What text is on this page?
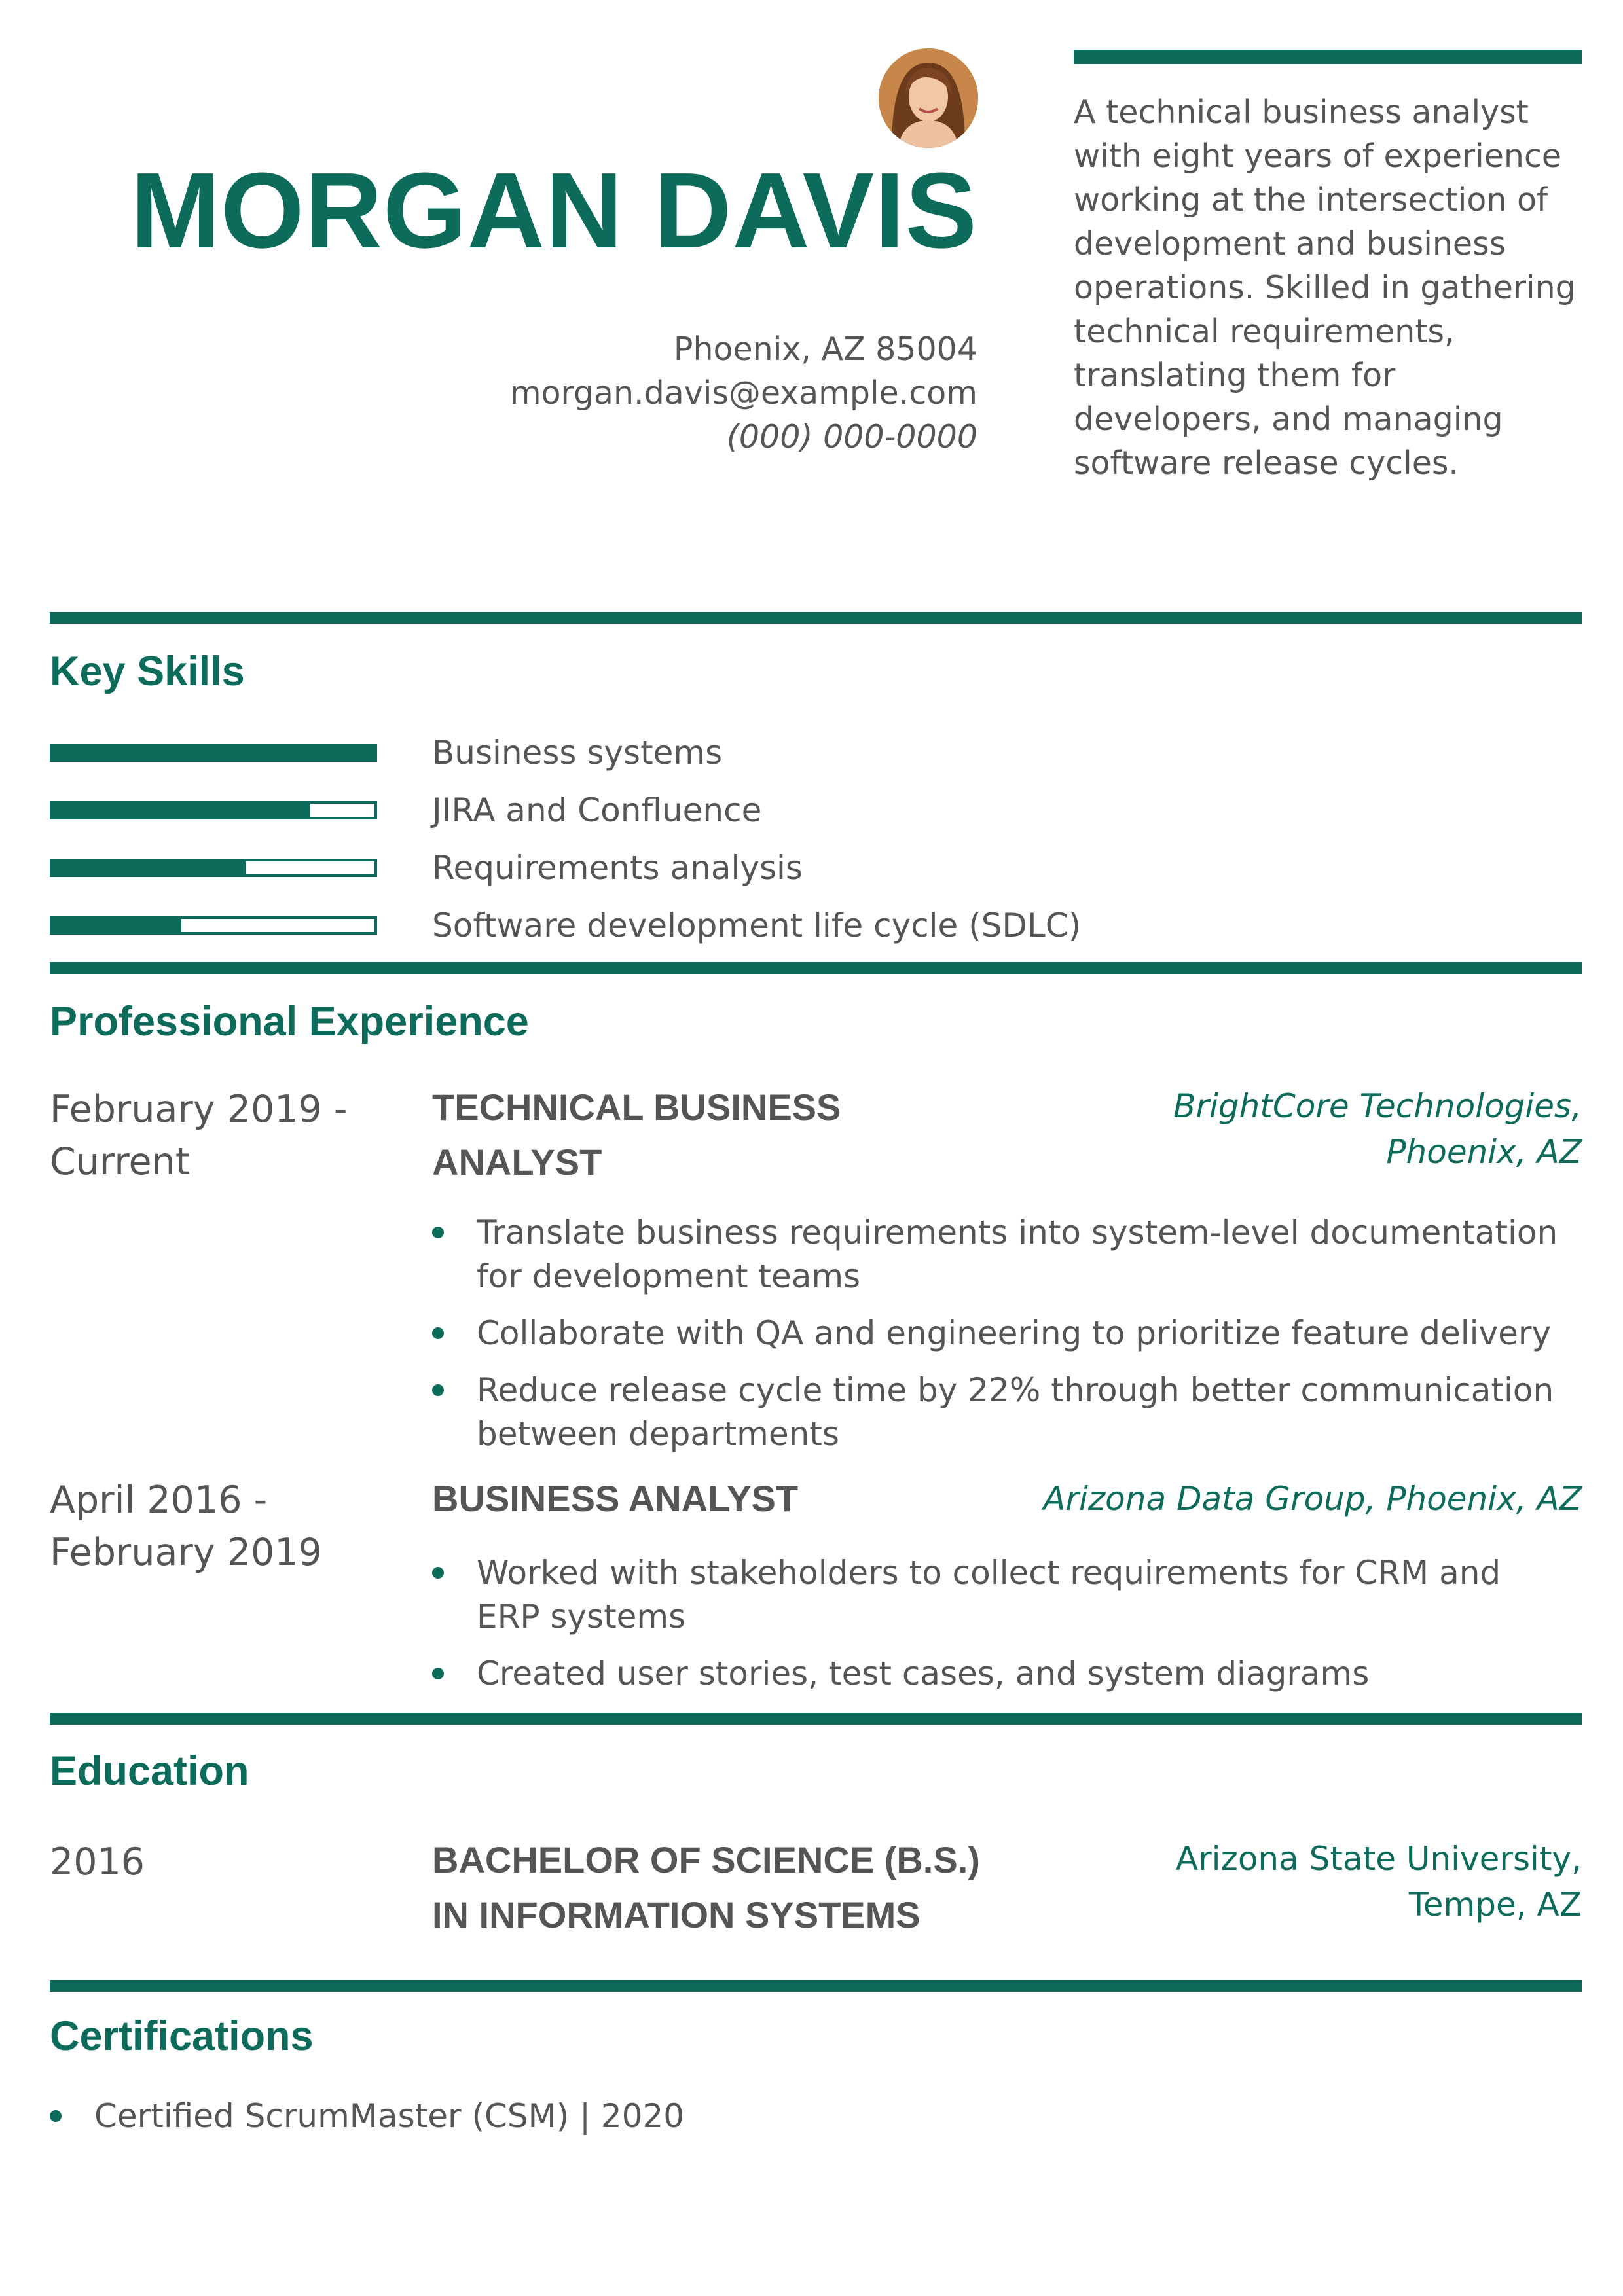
MORGAN DAVIS
Phoenix, AZ 85004
morgan.davis@example.com
(000) 000-0000
A technical business analyst with eight years of experience working at the intersection of development and business operations. Skilled in gathering technical requirements, translating them for developers, and managing software release cycles.
Key Skills
Business systems
JIRA and Confluence
Requirements analysis
Software development life cycle (SDLC)
Professional Experience
February 2019 - Current
TECHNICAL BUSINESS ANALYST
BrightCore Technologies, Phoenix, AZ
Translate business requirements into system-level documentation for development teams
Collaborate with QA and engineering to prioritize feature delivery
Reduce release cycle time by 22% through better communication between departments
April 2016 - February 2019
BUSINESS ANALYST	Arizona Data Group, Phoenix, AZ
Worked with stakeholders to collect requirements for CRM and ERP systems
Created user stories, test cases, and system diagrams
Education
2016	BACHELOR OF SCIENCE (B.S.) IN INFORMATION SYSTEMS
Arizona State University, Tempe, AZ
Certifications
Certified ScrumMaster (CSM) | 2020
